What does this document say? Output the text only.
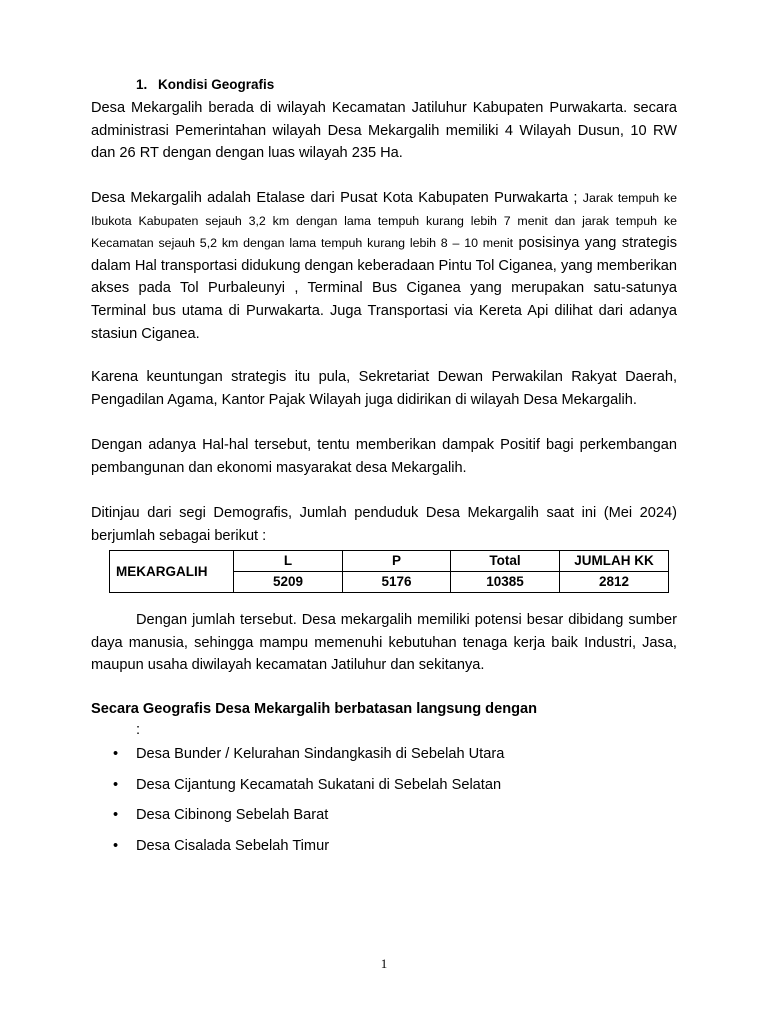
1. Kondisi Geografis

Desa Mekargalih berada di wilayah Kecamatan Jatiluhur Kabupaten Purwakarta. secara administrasi Pemerintahan wilayah Desa Mekargalih memiliki 4 Wilayah Dusun, 10 RW dan 26 RT dengan dengan luas wilayah 235 Ha.

Desa Mekargalih adalah Etalase dari Pusat Kota Kabupaten Purwakarta ; Jarak tempuh ke Ibukota Kabupaten sejauh 3,2 km dengan lama tempuh kurang lebih 7 menit dan jarak tempuh ke Kecamatan sejauh 5,2 km dengan lama tempuh kurang lebih 8 – 10 menit posisinya yang strategis dalam Hal transportasi didukung dengan keberadaan Pintu Tol Ciganea, yang memberikan akses pada Tol Purbaleunyi , Terminal Bus Ciganea yang merupakan satu-satunya Terminal bus utama di Purwakarta. Juga Transportasi via Kereta Api dilihat dari adanya stasiun Ciganea.

Karena keuntungan strategis itu pula, Sekretariat Dewan Perwakilan Rakyat Daerah, Pengadilan Agama, Kantor Pajak Wilayah juga didirikan di wilayah Desa Mekargalih.

Dengan adanya Hal-hal tersebut, tentu memberikan dampak Positif bagi perkembangan pembangunan dan ekonomi masyarakat desa Mekargalih.

Ditinjau dari segi Demografis, Jumlah penduduk Desa Mekargalih saat ini (Mei 2024) berjumlah sebagai berikut :

MEKARGALIH	L	P	Total	JUMLAH KK
	5209	5176	10385	2812

Dengan jumlah tersebut. Desa mekargalih memiliki potensi besar dibidang sumber daya manusia, sehingga mampu memenuhi kebutuhan tenaga kerja baik Industri, Jasa, maupun usaha diwilayah kecamatan Jatiluhur dan sekitanya.

Secara Geografis Desa Mekargalih berbatasan langsung dengan

:
• Desa Bunder / Kelurahan Sindangkasih di Sebelah Utara
• Desa Cijantung Kecamatah Sukatani di Sebelah Selatan
• Desa Cibinong Sebelah Barat
• Desa Cisalada Sebelah Timur
1
